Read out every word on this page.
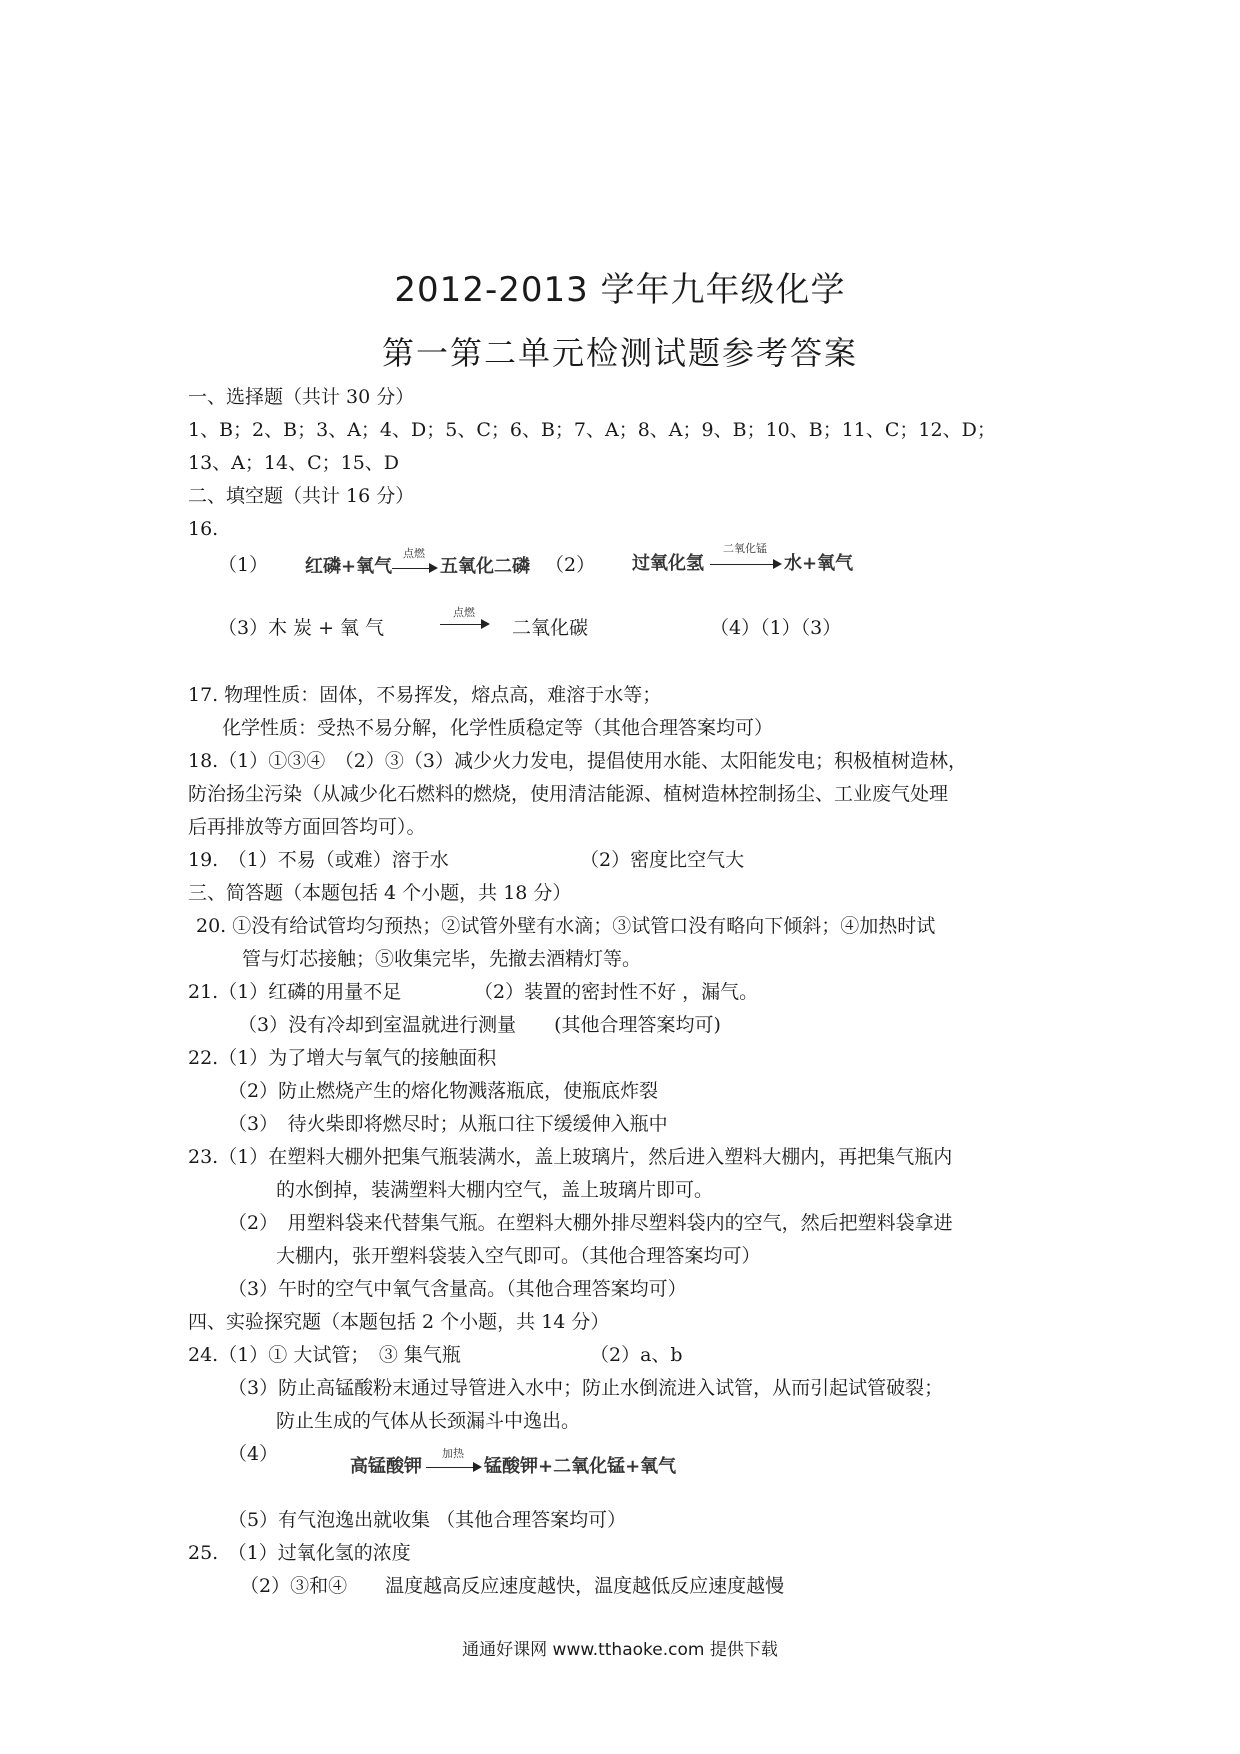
2012-2013 学年九年级化学
第一第二单元检测试题参考答案
一、选择题（共计 30 分）
1、B；2、B；3、A；4、D；5、C；6、B；7、A；8、A；9、B；10、B；11、C；12、D；
13、A；14、C；15、D
二、填空题（共计 16 分）
16.
（1） 红磷+氧气
点燃
→ 五氧化二磷 （2） 过氧化氢
二氧化锰
水+氧气
（3） 木 炭 + 氧 气
点燃
→ 二氧化碳	（4）（1）（3）
17. 物理性质：固体，不易挥发，熔点高，难溶于水等；
化学性质：受热不易分解，化学性质稳定等（其他合理答案均可）
18.（1）①③④　（2）③（3）减少火力发电，提倡使用水能、太阳能发电；积极植树造林，
防治扬尘污染（从减少化石燃料的燃烧，使用清洁能源、植树造林控制扬尘、工业废气处理
后再排放等方面回答均可）。
19.　（1）不易（或难）溶于水	（2）密度比空气大
三、简答题（本题包括 4 个小题，共 18 分）
20. ①没有给试管均匀预热；②试管外壁有水滴；③试管口没有略向下倾斜；④加热时试
管与灯芯接触；⑤收集完毕，先撤去酒精灯等。
21.（1）红磷的用量不足	（2）装置的密封性不好 ，漏气。
（3）没有冷却到室温就进行测量　　(其他合理答案均可)
22.（1）为了增大与氧气的接触面积
（2）防止燃烧产生的熔化物溅落瓶底，使瓶底炸裂
（3）　待火柴即将燃尽时；从瓶口往下缓缓伸入瓶中
23.（1）在塑料大棚外把集气瓶装满水，盖上玻璃片，然后进入塑料大棚内，再把集气瓶内
的水倒掉，装满塑料大棚内空气，盖上玻璃片即可。
（2）　用塑料袋来代替集气瓶。在塑料大棚外排尽塑料袋内的空气，然后把塑料袋拿进
大棚内，张开塑料袋装入空气即可。（其他合理答案均可）
（3）午时的空气中氧气含量高。（其他合理答案均可）
四、实验探究题（本题包括 2 个小题，共 14 分）
24.（1）① 大试管；　③ 集气瓶	（2）a、b
（3）防止高锰酸粉末通过导管进入水中；防止水倒流进入试管，从而引起试管破裂；
防止生成的气体从长颈漏斗中逸出。
（4）
高锰酸钾
加热
→ 锰酸钾+二氧化锰+氧气
（5）有气泡逸出就收集 （其他合理答案均可）
25.　（1）过氧化氢的浓度
（2）③和④　　温度越高反应速度越快，温度越低反应速度越慢
通通好课网 www.tthaoke.com 提供下载
